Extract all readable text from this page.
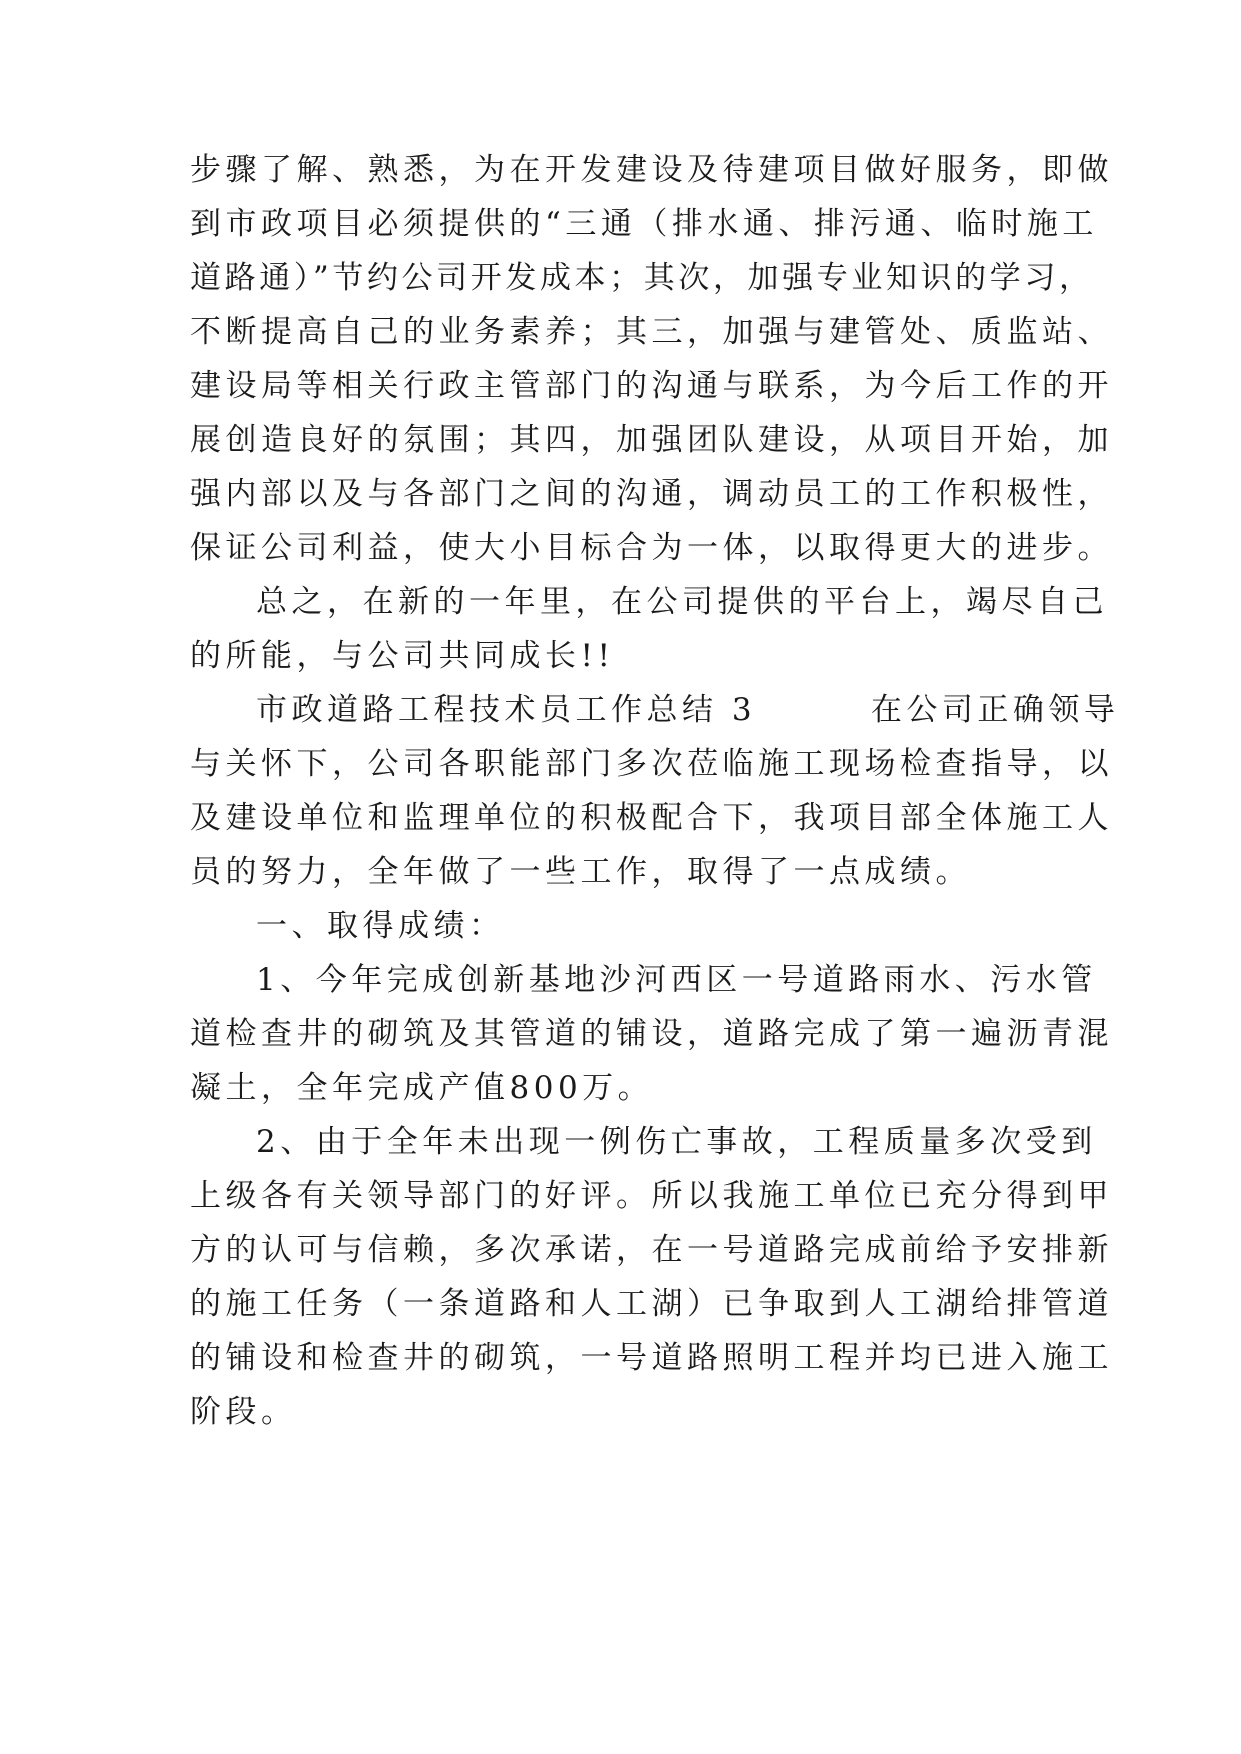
步骤了解、熟悉，为在开发建设及待建项目做好服务，即做
到市政项目必须提供的“三通（排水通、排污通、临时施工
道路通）”节约公司开发成本；其次，加强专业知识的学习，
不断提高自己的业务素养；其三，加强与建管处、质监站、
建设局等相关行政主管部门的沟通与联系，为今后工作的开
展创造良好的氛围；其四，加强团队建设，从项目开始，加
强内部以及与各部门之间的沟通，调动员工的工作积极性，
保证公司利益，使大小目标合为一体，以取得更大的进步。
总之，在新的一年里，在公司提供的平台上，竭尽自己
的所能，与公司共同成长!!
市政道路工程技术员工作总结 3        在公司正确领导
与关怀下，公司各职能部门多次莅临施工现场检查指导，以
及建设单位和监理单位的积极配合下，我项目部全体施工人
员的努力，全年做了一些工作，取得了一点成绩。
一、取得成绩：
1、今年完成创新基地沙河西区一号道路雨水、污水管
道检查井的砌筑及其管道的铺设，道路完成了第一遍沥青混
凝土，全年完成产值800万。
2、由于全年未出现一例伤亡事故，工程质量多次受到
上级各有关领导部门的好评。所以我施工单位已充分得到甲
方的认可与信赖，多次承诺，在一号道路完成前给予安排新
的施工任务（一条道路和人工湖）已争取到人工湖给排管道
的铺设和检查井的砌筑，一号道路照明工程并均已进入施工
阶段。
